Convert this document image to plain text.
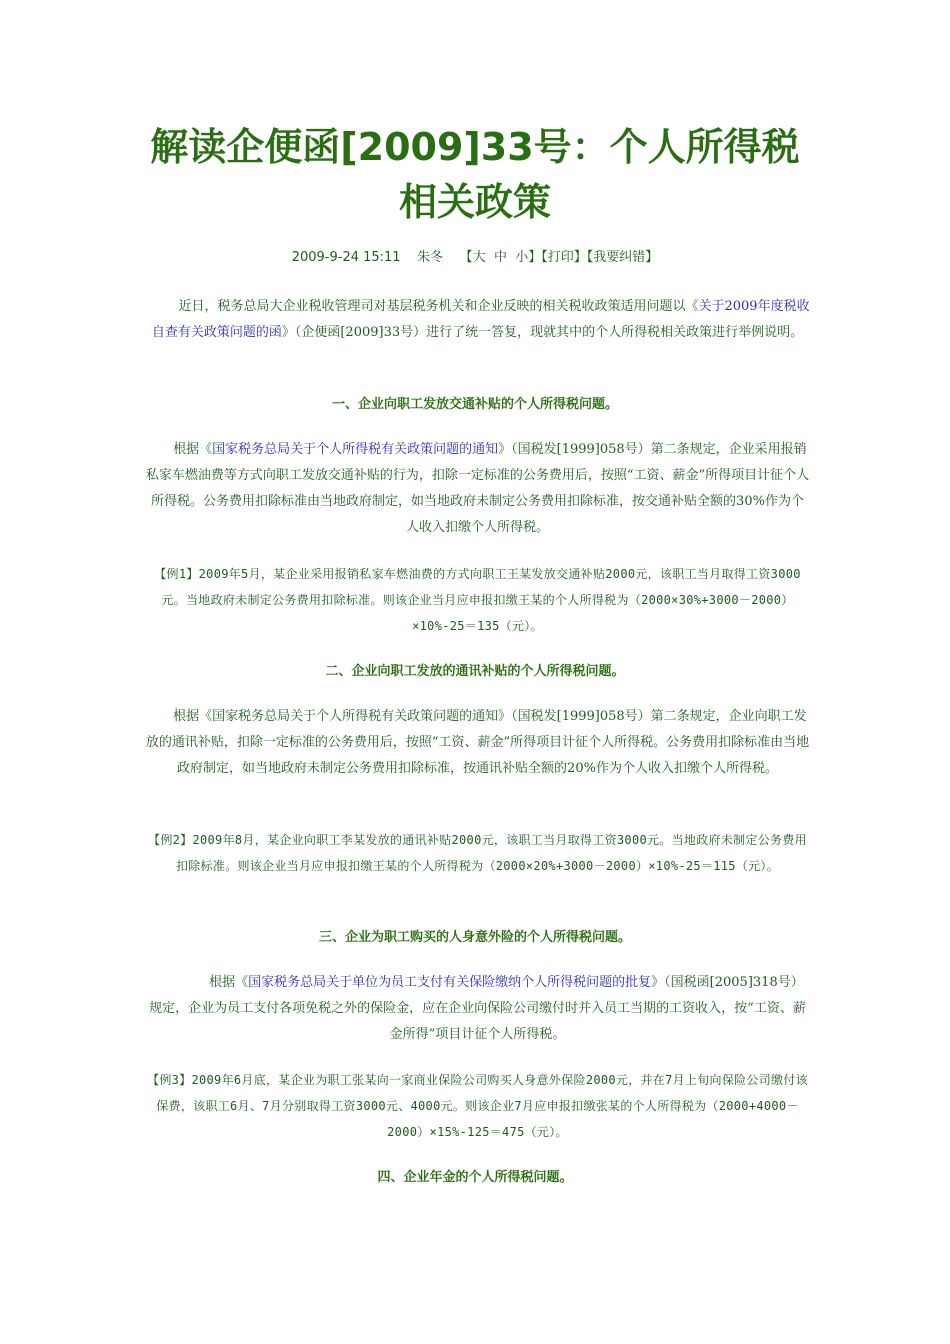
解读企便函[2009]33号：个人所得税
相关政策
2009-9-24 15:11 朱冬 【大 中 小】【打印】【我要纠错】

近日，税务总局大企业税收管理司对基层税务机关和企业反映的相关税收政策适用问题以《关于2009年度税收自查有关政策问题的函》（企便函[2009]33号）进行了统一答复，现就其中的个人所得税相关政策进行举例说明。

一、企业向职工发放交通补贴的个人所得税问题。

根据《国家税务总局关于个人所得税有关政策问题的通知》（国税发[1999]058号）第二条规定，企业采用报销私家车燃油费等方式向职工发放交通补贴的行为，扣除一定标准的公务费用后，按照“工资、薪金”所得项目计征个人所得税。公务费用扣除标准由当地政府制定，如当地政府未制定公务费用扣除标准，按交通补贴全额的30%作为个人收入扣缴个人所得税。

【例1】2009年5月，某企业采用报销私家车燃油费的方式向职工王某发放交通补贴2000元，该职工当月取得工资3000元。当地政府未制定公务费用扣除标准。则该企业当月应申报扣缴王某的个人所得税为（2000×30%+3000－2000）×10%-25＝135（元）。

二、企业向职工发放的通讯补贴的个人所得税问题。

根据《国家税务总局关于个人所得税有关政策问题的通知》（国税发[1999]058号）第二条规定，企业向职工发放的通讯补贴，扣除一定标准的公务费用后，按照“工资、薪金”所得项目计征个人所得税。公务费用扣除标准由当地政府制定，如当地政府未制定公务费用扣除标准，按通讯补贴全额的20%作为个人收入扣缴个人所得税。

【例2】2009年8月，某企业向职工李某发放的通讯补贴2000元，该职工当月取得工资3000元。当地政府未制定公务费用扣除标准。则该企业当月应申报扣缴王某的个人所得税为（2000×20%+3000－2000）×10%-25＝115（元）。

三、企业为职工购买的人身意外险的个人所得税问题。

根据《国家税务总局关于单位为员工支付有关保险缴纳个人所得税问题的批复》（国税函[2005]318号）规定，企业为员工支付各项免税之外的保险金，应在企业向保险公司缴付时并入员工当期的工资收入，按“工资、薪金所得”项目计征个人所得税。

【例3】2009年6月底，某企业为职工张某向一家商业保险公司购买人身意外保险2000元，并在7月上旬向保险公司缴付该保费，该职工6月、7月分别取得工资3000元、4000元。则该企业7月应申报扣缴张某的个人所得税为（2000+4000－2000）×15%-125＝475（元）。

四、企业年金的个人所得税问题。
